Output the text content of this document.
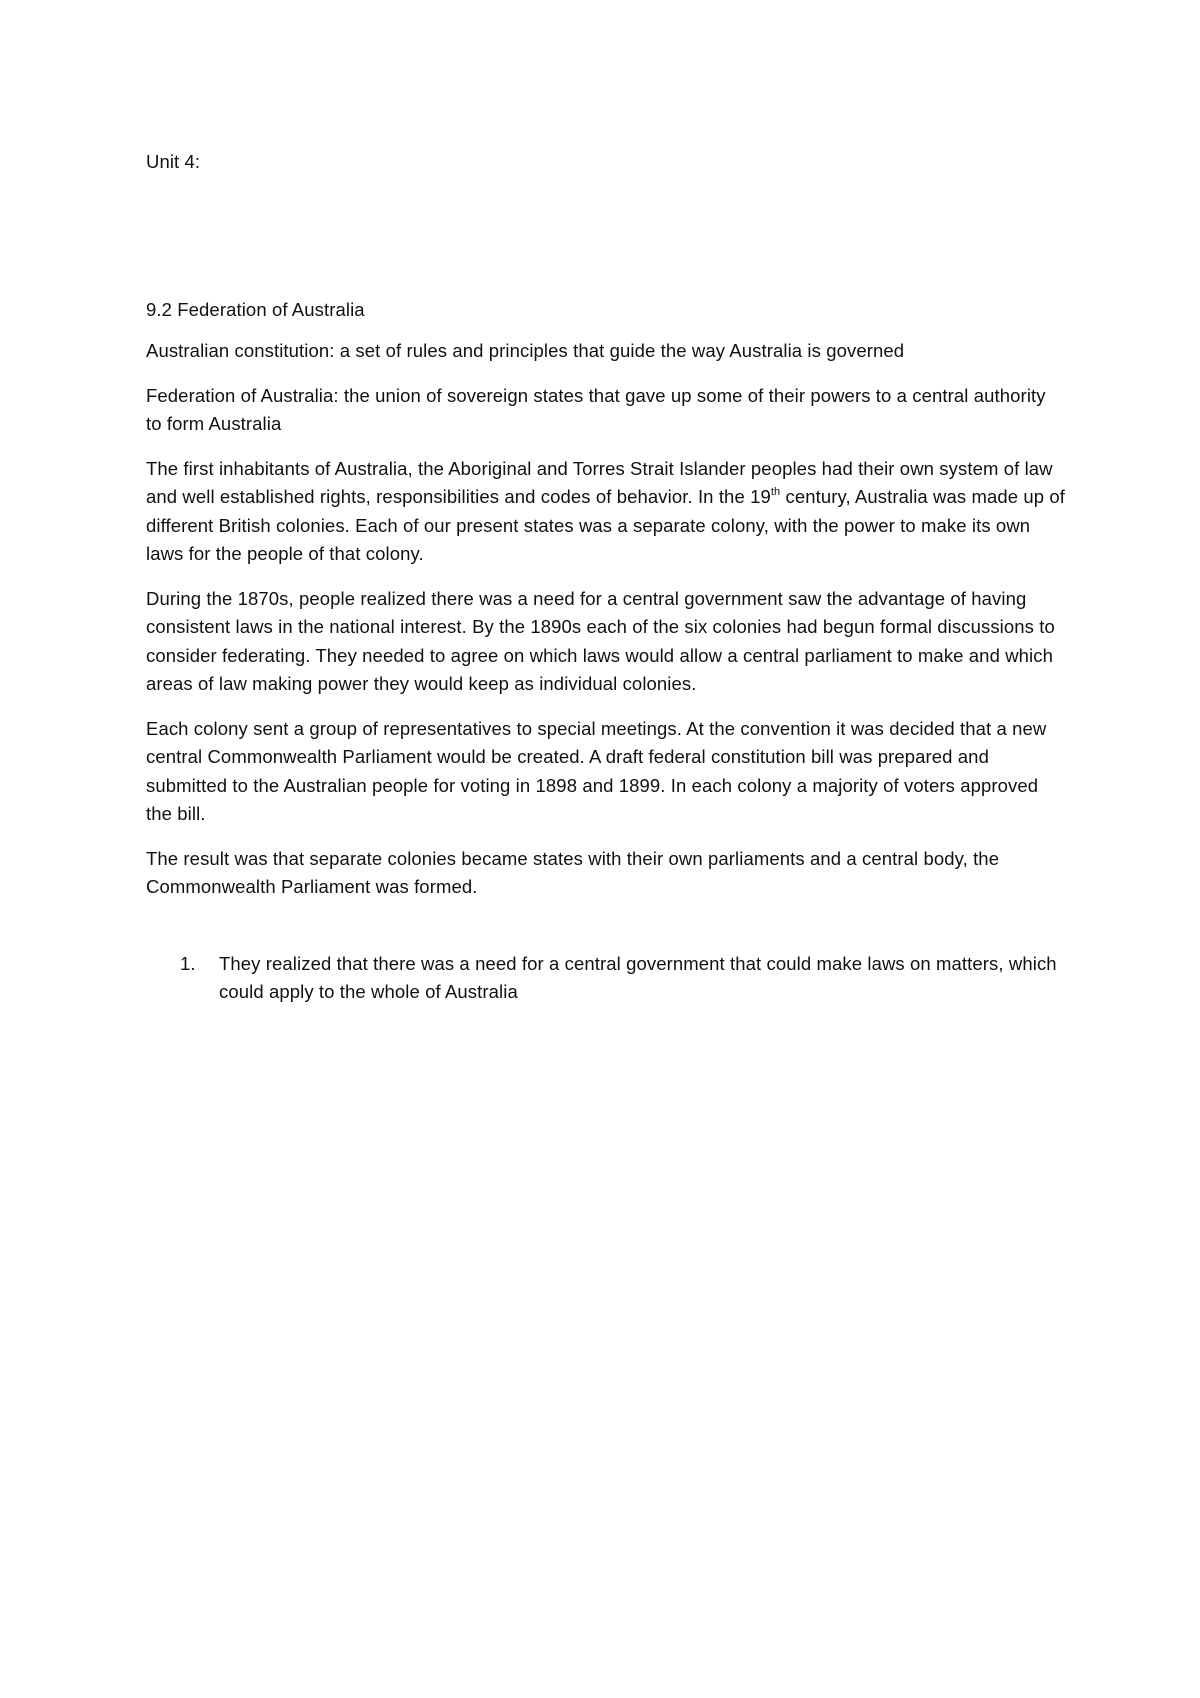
Unit 4:

9.2 Federation of Australia

Australian constitution: a set of rules and principles that guide the way Australia is governed

Federation of Australia: the union of sovereign states that gave up some of their powers to a central authority to form Australia

The first inhabitants of Australia, the Aboriginal and Torres Strait Islander peoples had their own system of law and well established rights, responsibilities and codes of behavior. In the 19th century, Australia was made up of different British colonies. Each of our present states was a separate colony, with the power to make its own laws for the people of that colony.

During the 1870s, people realized there was a need for a central government saw the advantage of having consistent laws in the national interest. By the 1890s each of the six colonies had begun formal discussions to consider federating. They needed to agree on which laws would allow a central parliament to make and which areas of law making power they would keep as individual colonies.

Each colony sent a group of representatives to special meetings. At the convention it was decided that a new central Commonwealth Parliament would be created. A draft federal constitution bill was prepared and submitted to the Australian people for voting in 1898 and 1899. In each colony a majority of voters approved the bill.

The result was that separate colonies became states with their own parliaments and a central body, the Commonwealth Parliament was formed.

1. They realized that there was a need for a central government that could make laws on matters, which could apply to the whole of Australia
